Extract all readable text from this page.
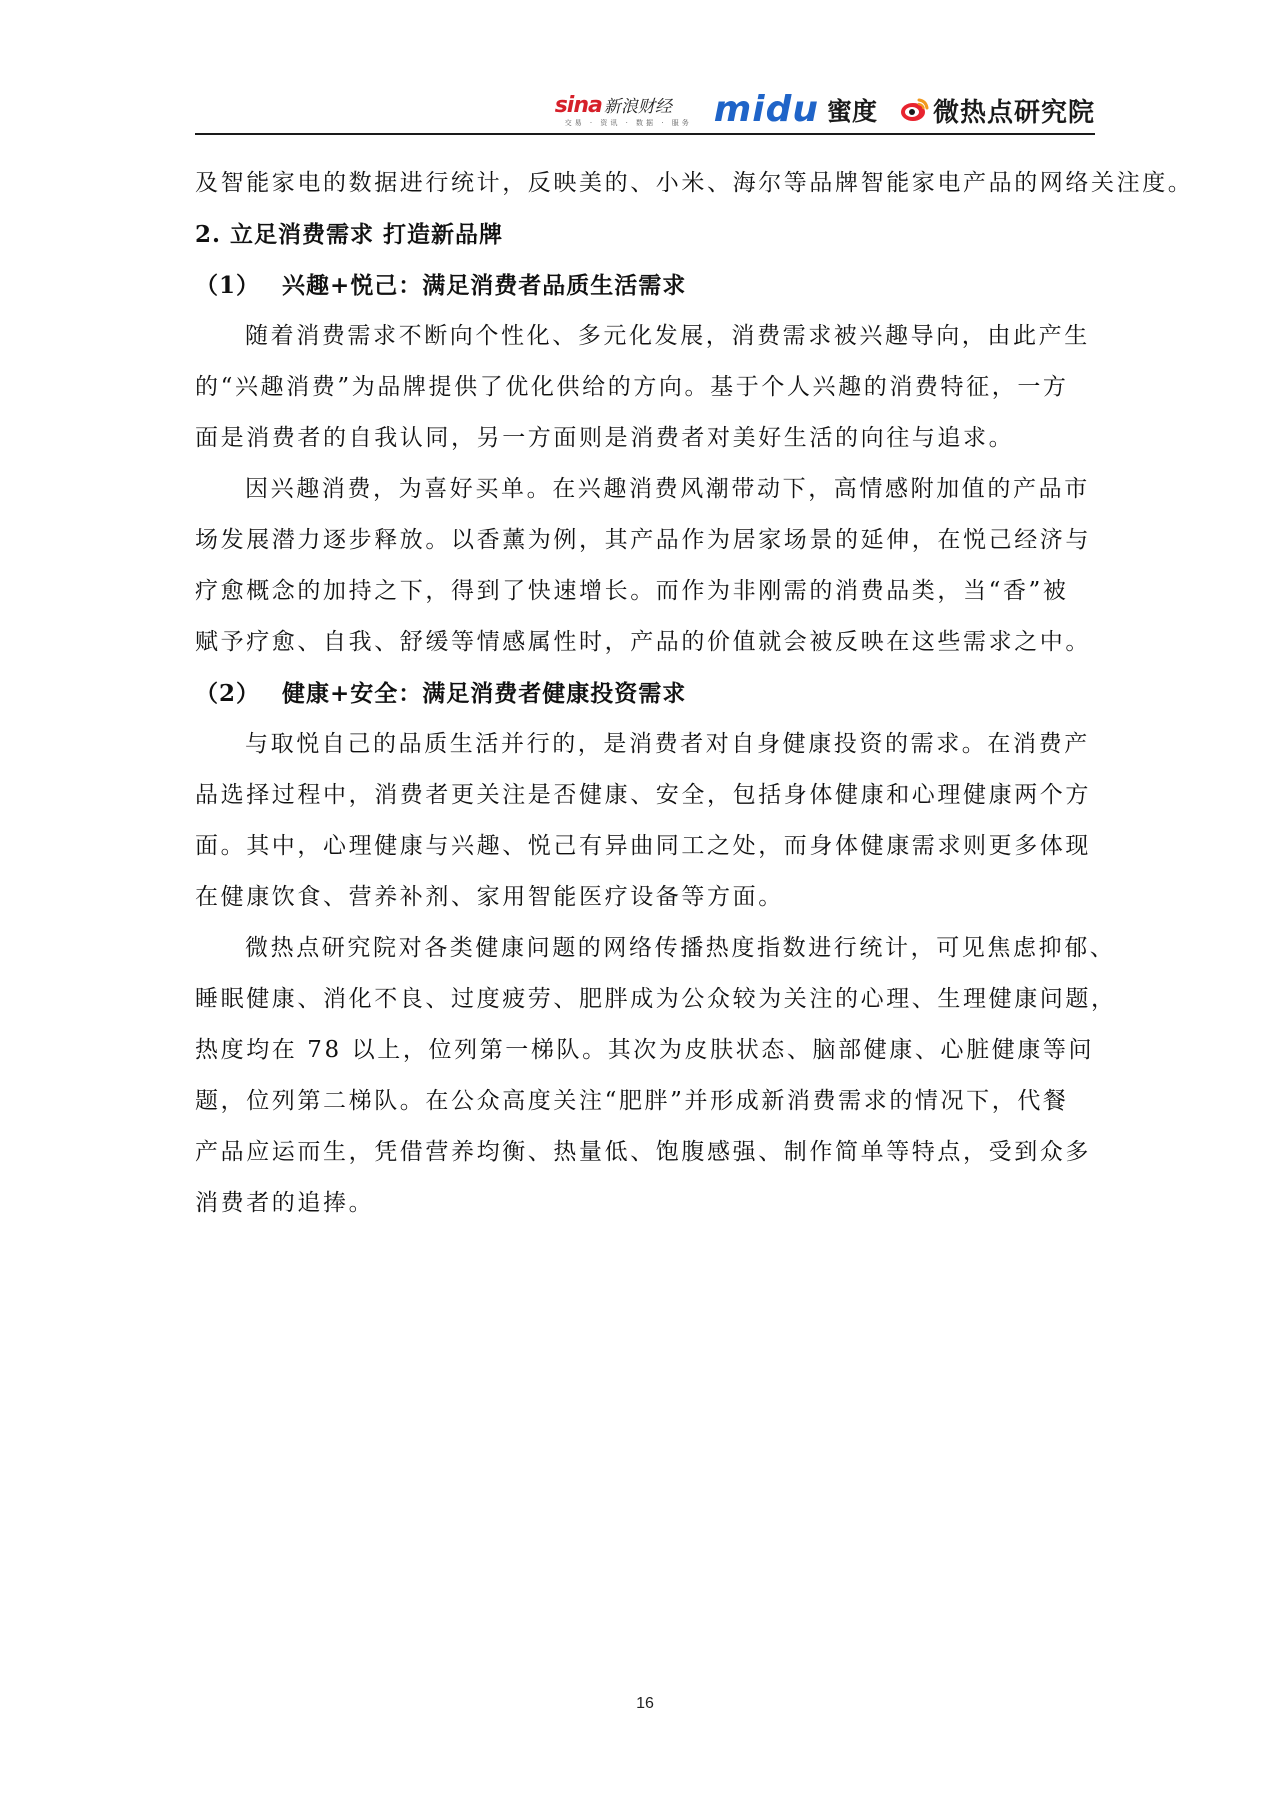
sina 新浪财经
交易 · 资讯 · 数据 · 服务 midu 蜜度 微热点研究院
及智能家电的数据进行统计，反映美的、小米、海尔等品牌智能家电产品的网络关注度。
2. 立足消费需求 打造新品牌
（1） 兴趣+悦己：满足消费者品质生活需求
随着消费需求不断向个性化、多元化发展，消费需求被兴趣导向，由此产生
的“兴趣消费”为品牌提供了优化供给的方向。基于个人兴趣的消费特征，一方
面是消费者的自我认同，另一方面则是消费者对美好生活的向往与追求。
因兴趣消费，为喜好买单。在兴趣消费风潮带动下，高情感附加值的产品市
场发展潜力逐步释放。以香薰为例，其产品作为居家场景的延伸，在悦己经济与
疗愈概念的加持之下，得到了快速增长。而作为非刚需的消费品类，当“香”被
赋予疗愈、自我、舒缓等情感属性时，产品的价值就会被反映在这些需求之中。
（2） 健康+安全：满足消费者健康投资需求
与取悦自己的品质生活并行的，是消费者对自身健康投资的需求。在消费产
品选择过程中，消费者更关注是否健康、安全，包括身体健康和心理健康两个方
面。其中，心理健康与兴趣、悦己有异曲同工之处，而身体健康需求则更多体现
在健康饮食、营养补剂、家用智能医疗设备等方面。
微热点研究院对各类健康问题的网络传播热度指数进行统计，可见焦虑抑郁、
睡眠健康、消化不良、过度疲劳、肥胖成为公众较为关注的心理、生理健康问题，
热度均在 78 以上，位列第一梯队。其次为皮肤状态、脑部健康、心脏健康等问
题，位列第二梯队。在公众高度关注“肥胖”并形成新消费需求的情况下，代餐
产品应运而生，凭借营养均衡、热量低、饱腹感强、制作简单等特点，受到众多
消费者的追捧。
16
